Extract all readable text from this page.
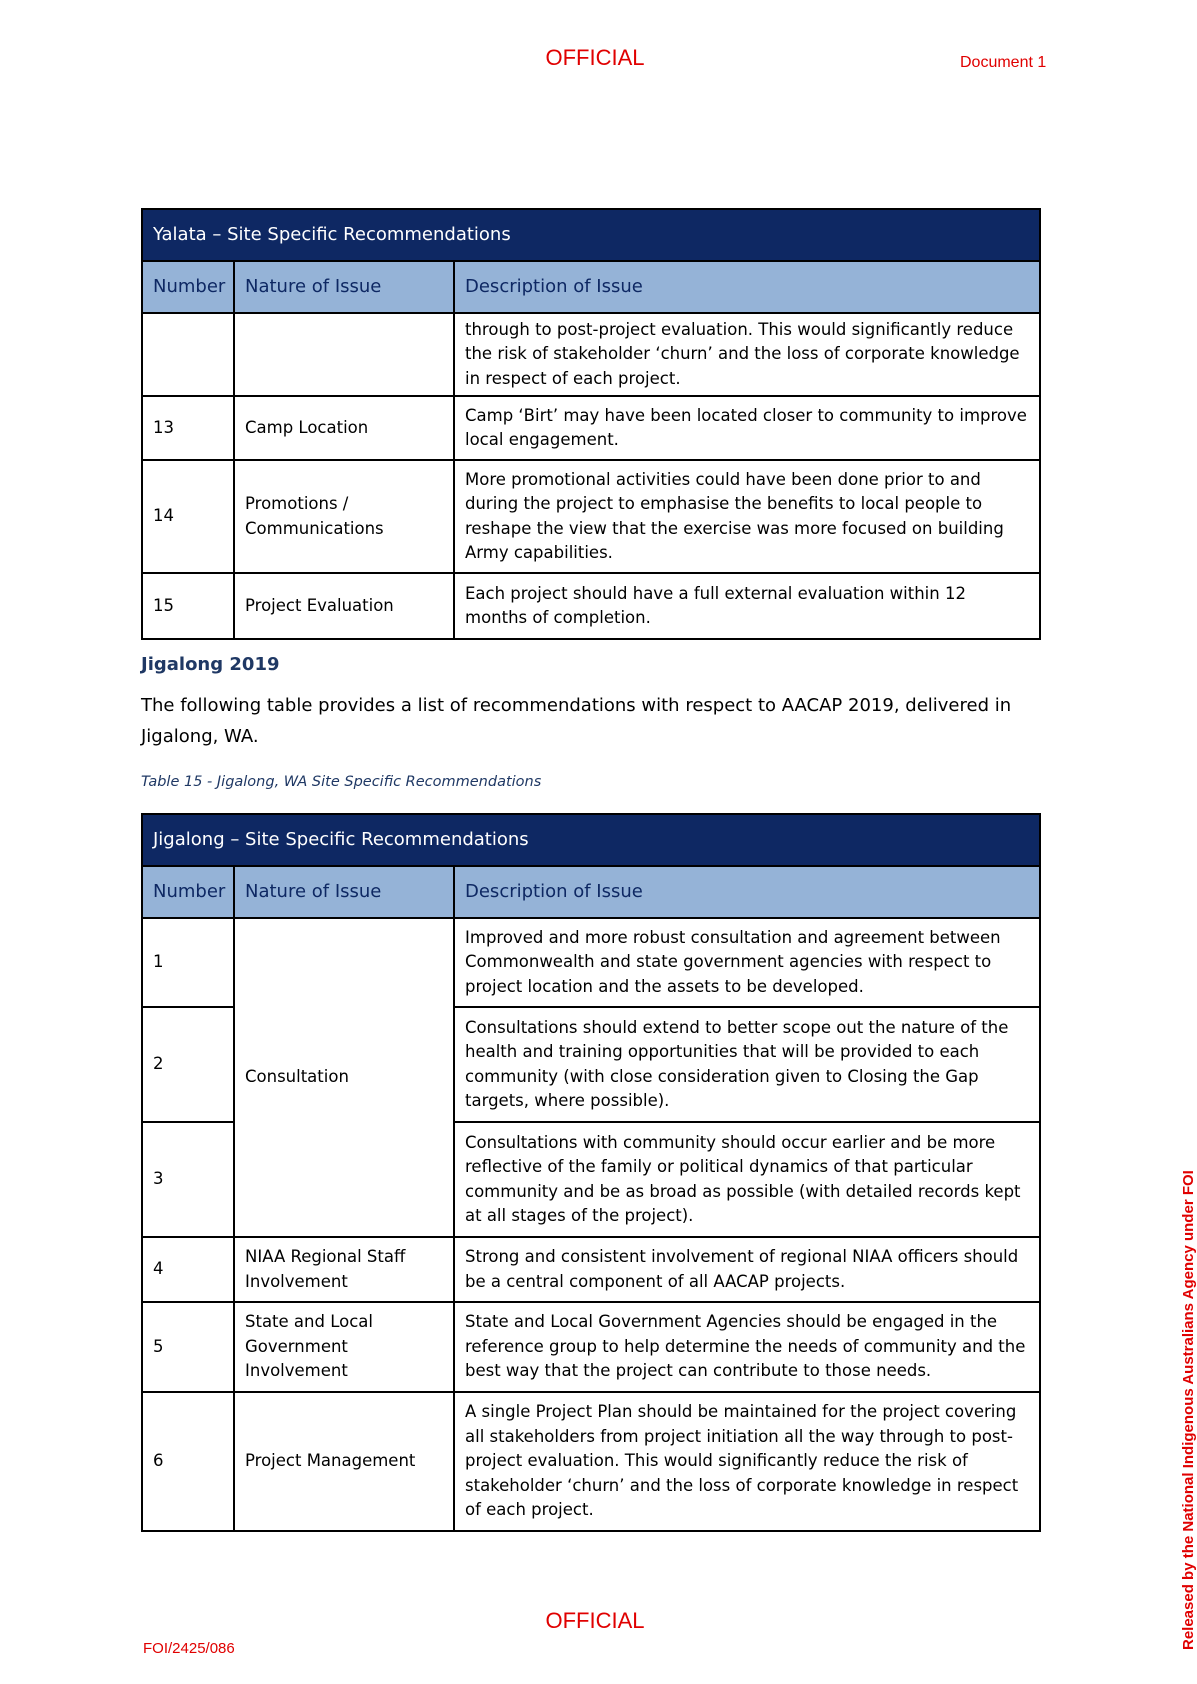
OFFICIAL	Document 1
Yalata – Site Specific Recommendations		
Number	Nature of Issue	Description of Issue
		through to post-project evaluation. This would significantly reduce the risk of stakeholder ‘churn’ and the loss of corporate knowledge in respect of each project.
13	Camp Location	Camp ‘Birt’ may have been located closer to community to improve local engagement.
14	Promotions / Communications	More promotional activities could have been done prior to and during the project to emphasise the benefits to local people to reshape the view that the exercise was more focused on building Army capabilities.
15	Project Evaluation	Each project should have a full external evaluation within 12 months of completion.
Jigalong 2019
The following table provides a list of recommendations with respect to AACAP 2019, delivered in Jigalong, WA.
Table 15 - Jigalong, WA Site Specific Recommendations
Jigalong – Site Specific Recommendations		
Number	Nature of Issue	Description of Issue
1	Consultation	Improved and more robust consultation and agreement between Commonwealth and state government agencies with respect to project location and the assets to be developed.
2		Consultations should extend to better scope out the nature of the health and training opportunities that will be provided to each community (with close consideration given to Closing the Gap targets, where possible).
3		Consultations with community should occur earlier and be more reflective of the family or political dynamics of that particular community and be as broad as possible (with detailed records kept at all stages of the project).
4	NIAA Regional Staff Involvement	Strong and consistent involvement of regional NIAA officers should be a central component of all AACAP projects.
5	State and Local Government Involvement	State and Local Government Agencies should be engaged in the reference group to help determine the needs of community and the best way that the project can contribute to those needs.
6	Project Management	A single Project Plan should be maintained for the project covering all stakeholders from project initiation all the way through to post-project evaluation. This would significantly reduce the risk of stakeholder ‘churn’ and the loss of corporate knowledge in respect of each project.
OFFICIAL
FOI/2425/086	Released by the National Indigenous Australians Agency under FOI
